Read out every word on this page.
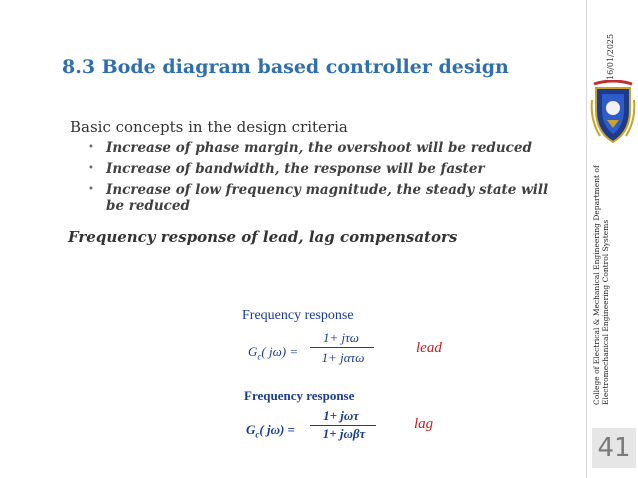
8.3 Bode diagram based controller design
Basic concepts in the design criteria
• Increase of phase margin, the overshoot will be reduced
• Increase of bandwidth, the response will be faster
• Increase of low frequency magnitude, the steady state will be reduced
Frequency response of lead, lag compensators
Frequency response
$G_c$( jω) =
1+ jτω
1+ jατω
lead
Frequency response
$G_c$( jω) =
1+ jωτ
1+ jωβτ
lag
16/01/2025
College of Electrical & Mechanical Engineering Department of Electromechanical Engineering Control Systems
41
